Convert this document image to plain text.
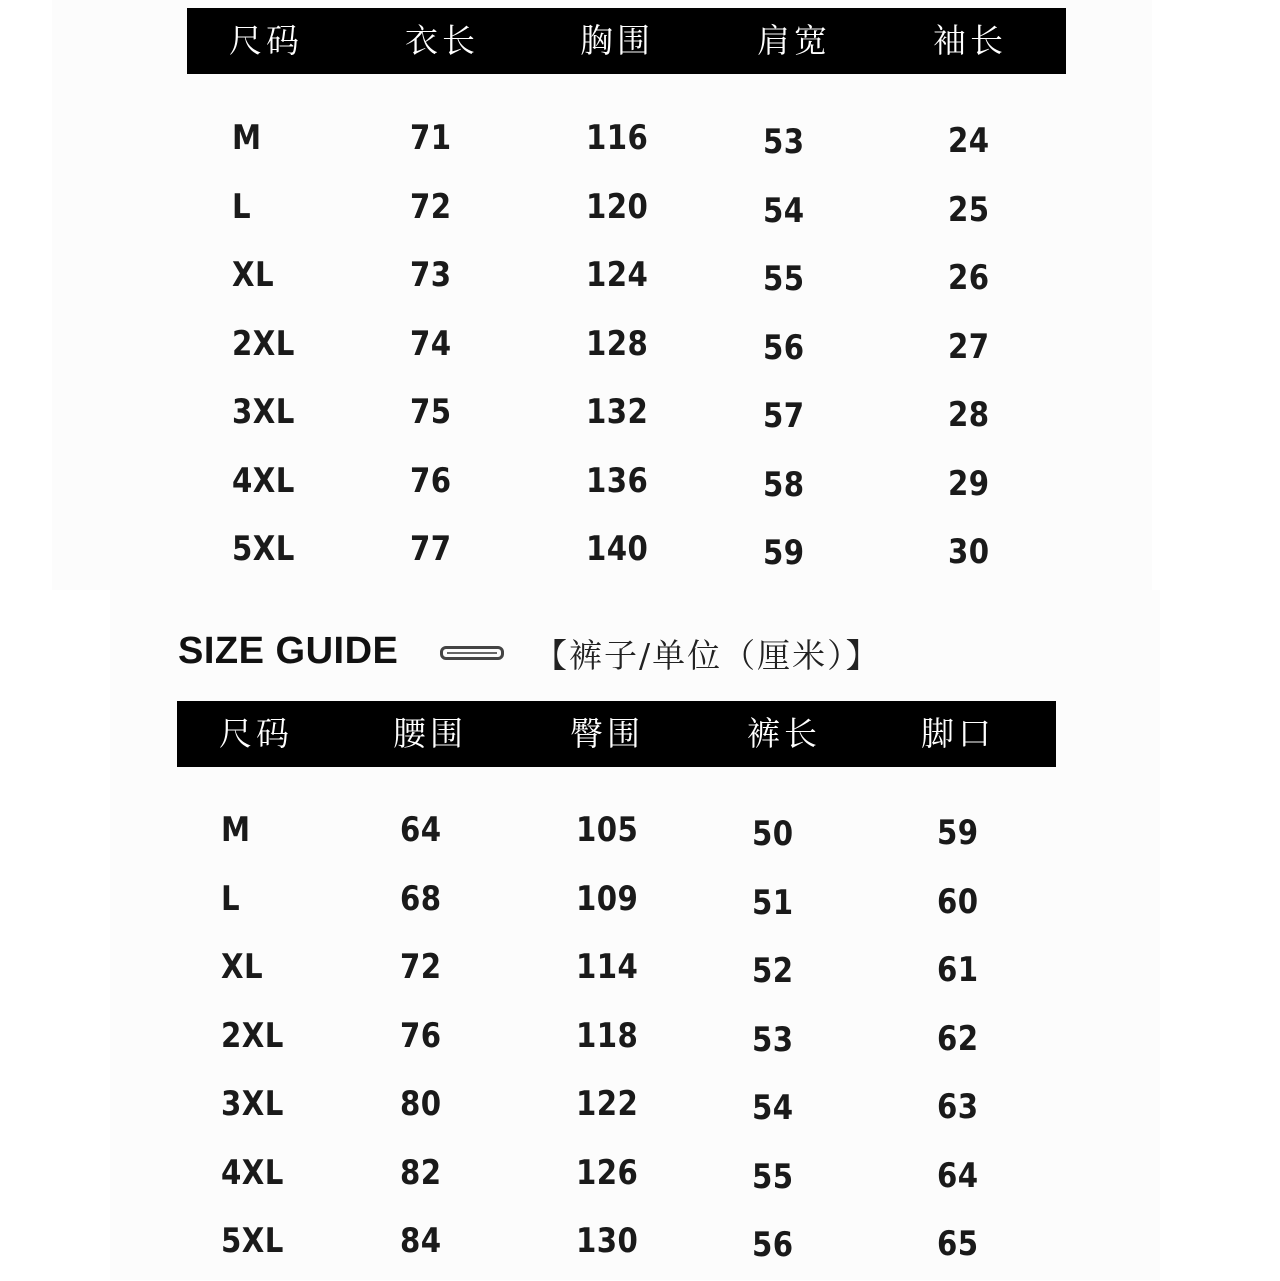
尺码	衣长	胸围	肩宽	袖长
M	71	116	53	24
L	72	120	54	25
XL	73	124	55	26
2XL	74	128	56	27
3XL	75	132	57	28
4XL	76	136	58	29
5XL	77	140	59	30
SIZE GUIDE	【裤子/单位（厘米）】
尺码	腰围	臀围	裤长	脚口
M	64	105	50	59
L	68	109	51	60
XL	72	114	52	61
2XL	76	118	53	62
3XL	80	122	54	63
4XL	82	126	55	64
5XL	84	130	56	65
